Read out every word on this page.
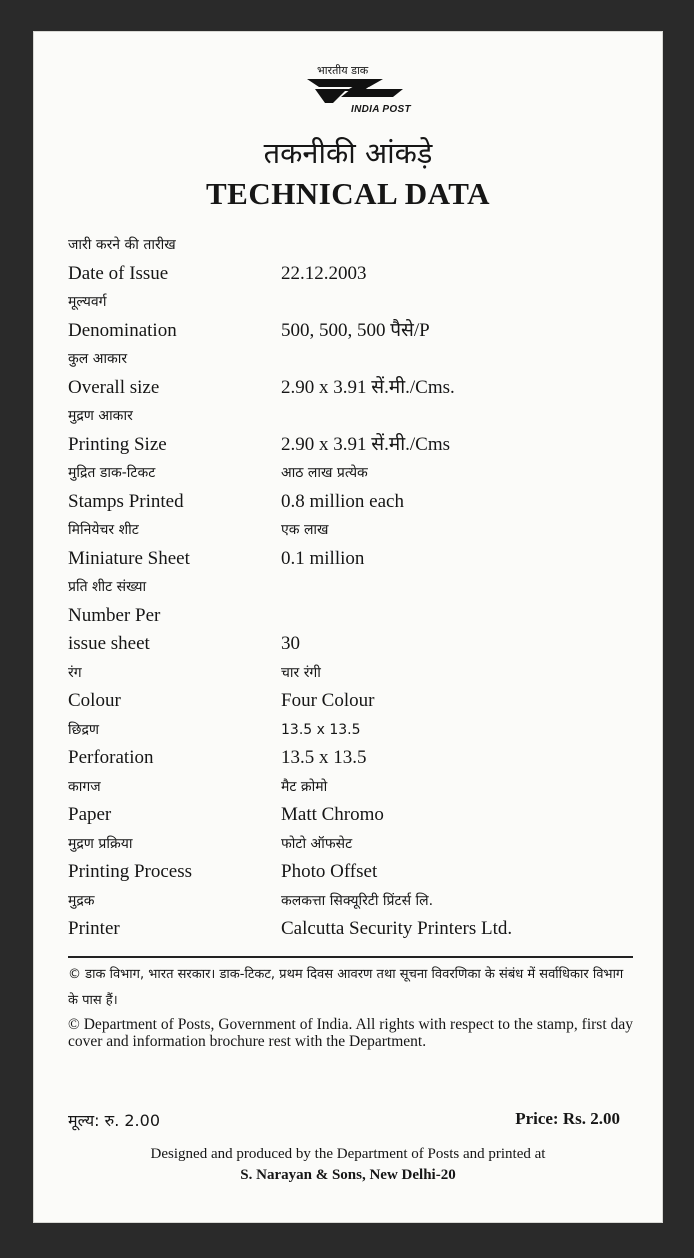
भारतीय डाक
INDIA POST
तकनीकी आंकड़े
TECHNICAL DATA
जारी करने की तारीख
Date of Issue	22.12.2003
मूल्यवर्ग
Denomination	500, 500, 500 पैसे/P
कुल आकार
Overall size	2.90 x 3.91 सें.मी./Cms.
मुद्रण आकार
Printing Size	2.90 x 3.91 सें.मी./Cms
मुद्रित डाक-टिकट	आठ लाख प्रत्येक
Stamps Printed	0.8 million each
मिनियेचर शीट	एक लाख
Miniature Sheet	0.1 million
प्रति शीट संख्या
Number Per
issue sheet	30
रंग	चार रंगी
Colour	Four Colour
छिद्रण	13.5 x 13.5
Perforation	13.5 x 13.5
कागज	मैट क्रोमो
Paper	Matt Chromo
मुद्रण प्रक्रिया	फोटो ऑफसेट
Printing Process	Photo Offset
मुद्रक	कलकत्ता सिक्यूरिटी प्रिंटर्स लि.
Printer	Calcutta Security Printers Ltd.
© डाक विभाग, भारत सरकार। डाक-टिकट, प्रथम दिवस आवरण तथा सूचना विवरणिका के संबंध में सर्वाधिकार विभाग के पास हैं।
© Department of Posts, Government of India. All rights with respect to the stamp, first day cover and information brochure rest with the Department.
मूल्य: रु. 2.00	Price: Rs. 2.00
Designed and produced by the Department of Posts and printed at
S. Narayan & Sons, New Delhi-20
